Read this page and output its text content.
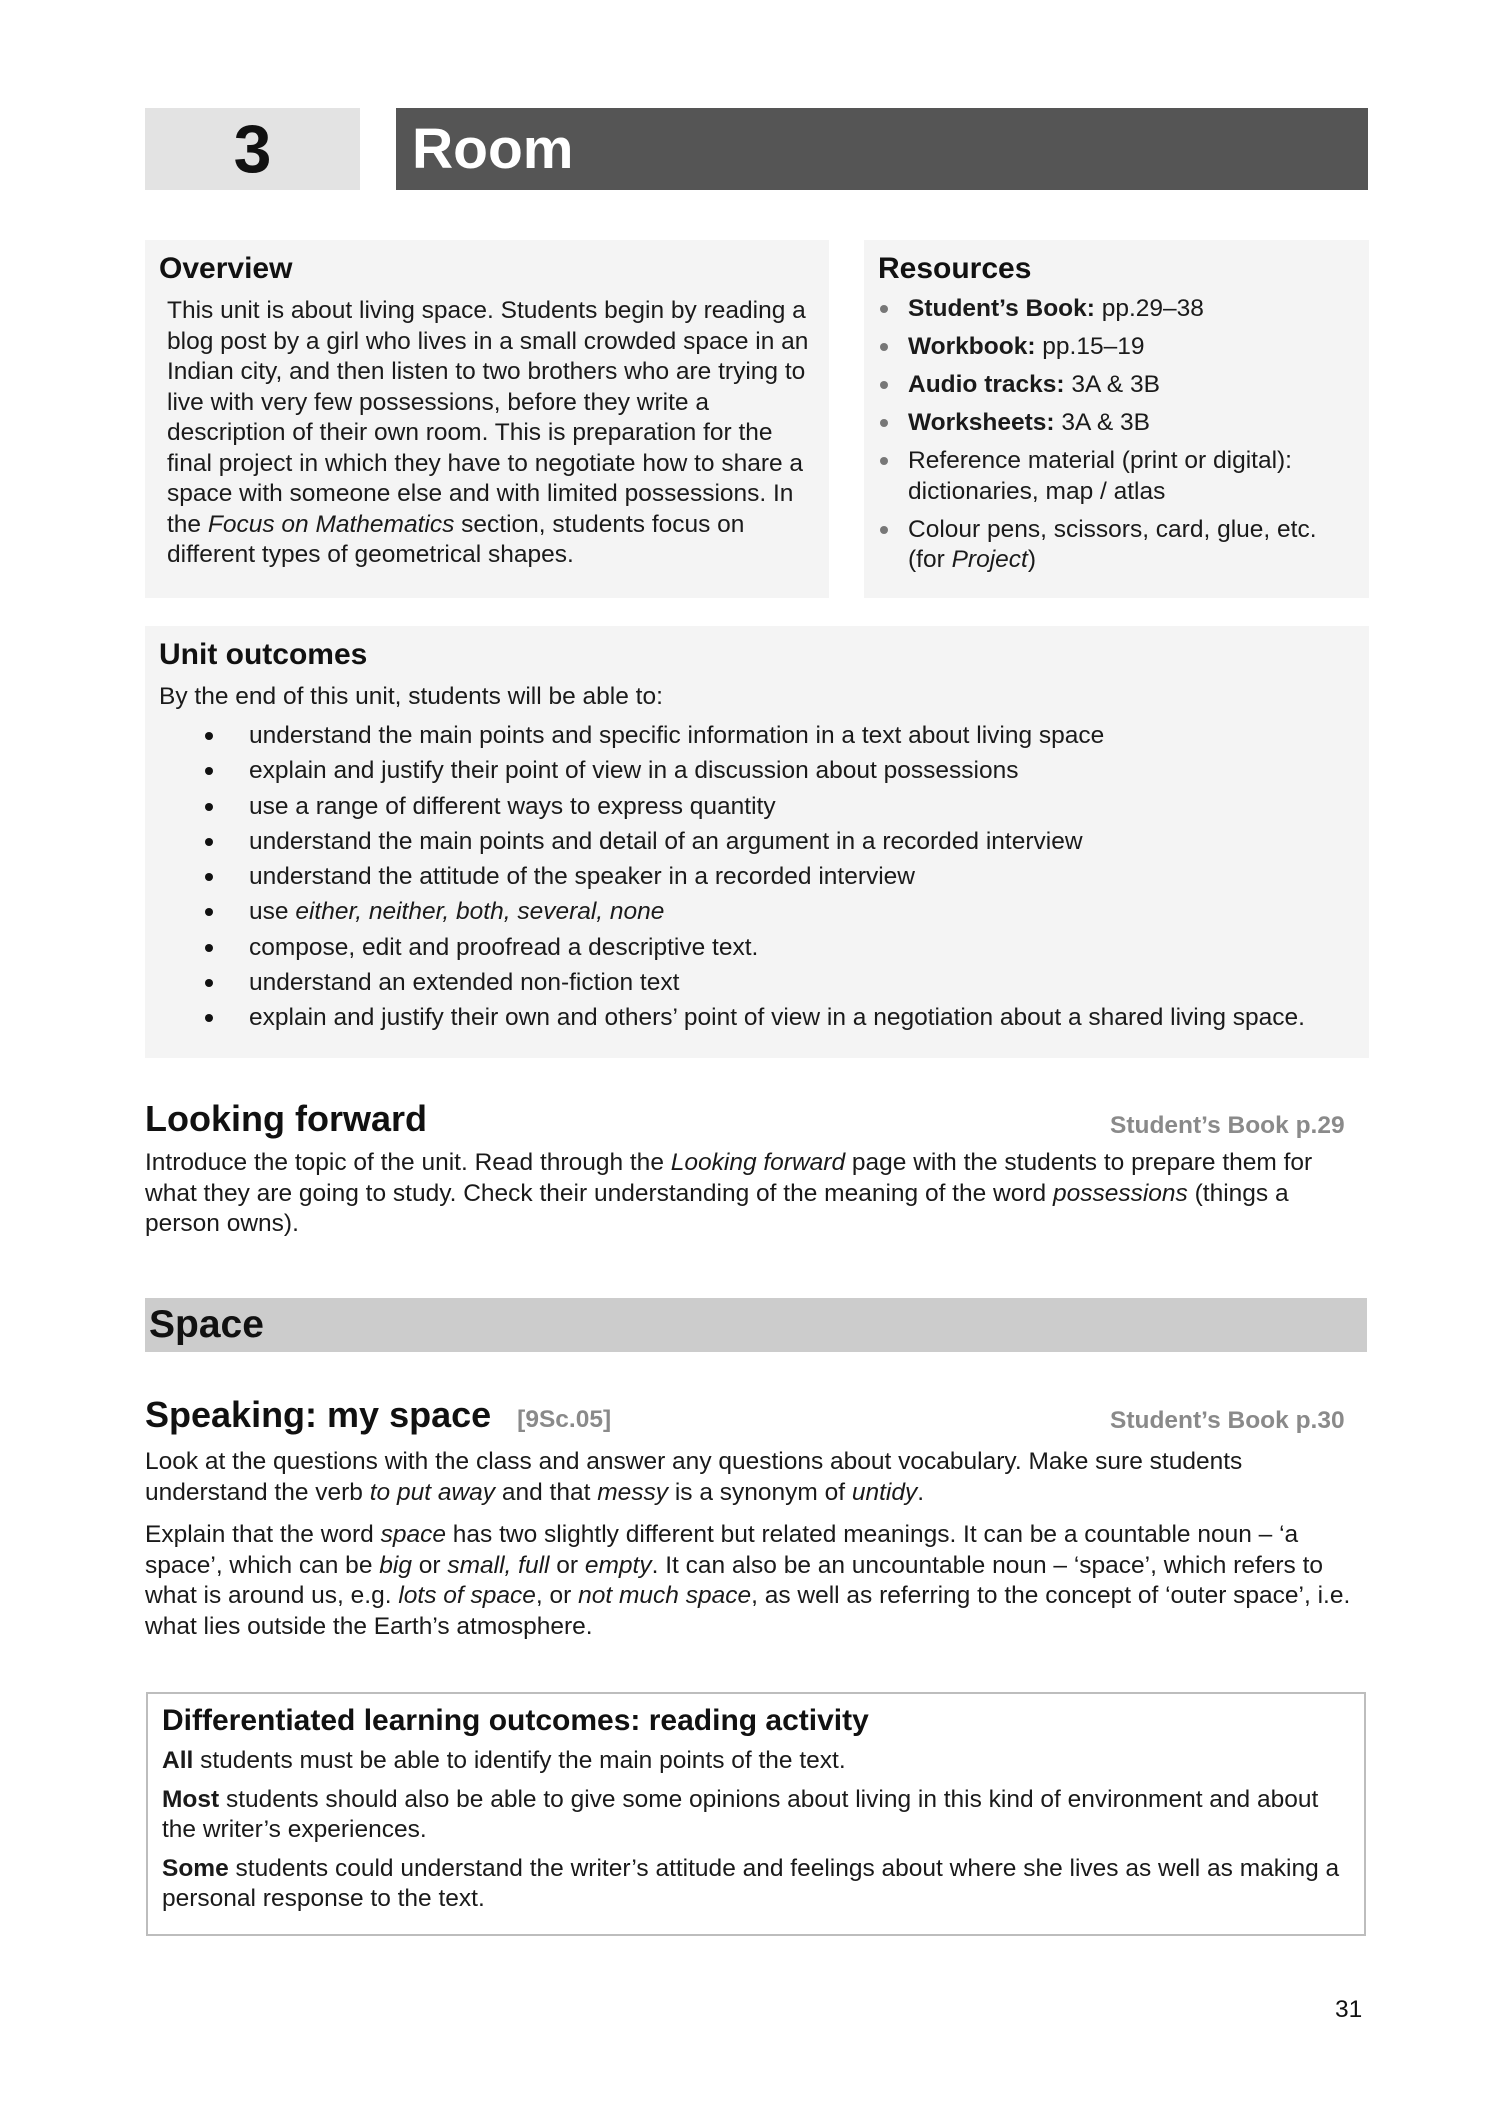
3	Room
Overview

This unit is about living space. Students begin by reading a blog post by a girl who lives in a small crowded space in an Indian city, and then listen to two brothers who are trying to live with very few possessions, before they write a description of their own room. This is preparation for the final project in which they have to negotiate how to share a space with someone else and with limited possessions. In the Focus on Mathematics section, students focus on different types of geometrical shapes.

Resources
Student’s Book: pp.29–38
Workbook: pp.15–19
Audio tracks: 3A & 3B
Worksheets: 3A & 3B
Reference material (print or digital): dictionaries, map / atlas
Colour pens, scissors, card, glue, etc. (for Project)
Unit outcomes

By the end of this unit, students will be able to:

understand the main points and specific information in a text about living space
explain and justify their point of view in a discussion about possessions
use a range of different ways to express quantity
understand the main points and detail of an argument in a recorded interview
understand the attitude of the speaker in a recorded interview
use either, neither, both, several, none
compose, edit and proofread a descriptive text.
understand an extended non-fiction text
explain and justify their own and others’ point of view in a negotiation about a shared living space.
Looking forward	Student’s Book p.29

Introduce the topic of the unit. Read through the Looking forward page with the students to prepare them for what they are going to study. Check their understanding of the meaning of the word possessions (things a person owns).

Space
Speaking: my space [9Sc.05]	Student’s Book p.30

Look at the questions with the class and answer any questions about vocabulary. Make sure students understand the verb to put away and that messy is a synonym of untidy.

Explain that the word space has two slightly different but related meanings. It can be a countable noun – ‘a space’, which can be big or small, full or empty. It can also be an uncountable noun – ‘space’, which refers to what is around us, e.g. lots of space, or not much space, as well as referring to the concept of ‘outer space’, i.e. what lies outside the Earth’s atmosphere.

Differentiated learning outcomes: reading activity

All students must be able to identify the main points of the text.

Most students should also be able to give some opinions about living in this kind of environment and about the writer’s experiences.

Some students could understand the writer’s attitude and feelings about where she lives as well as making a personal response to the text.

31
